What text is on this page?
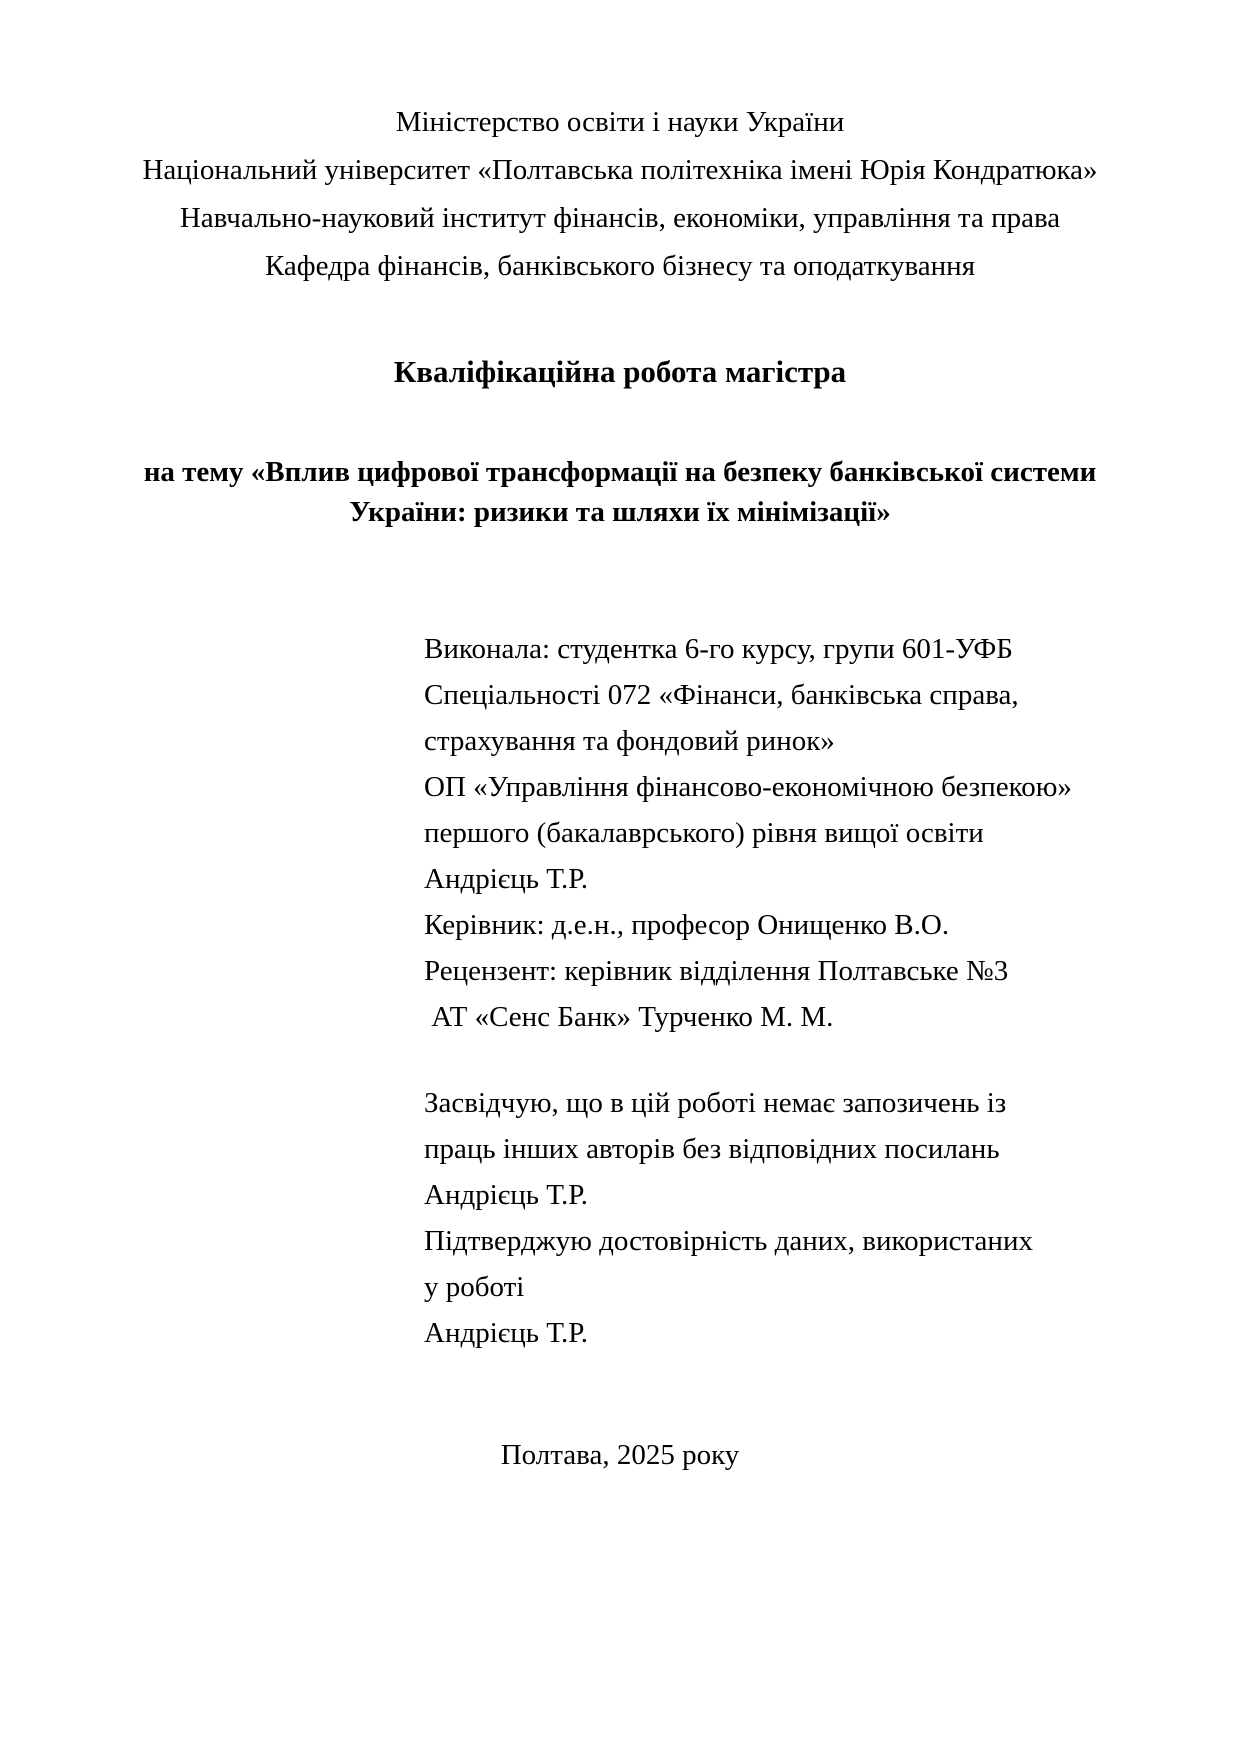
Міністерство освіти і науки України
Національний університет «Полтавська політехніка імені Юрія Кондратюка»
Навчально-науковий інститут фінансів, економіки, управління та права
Кафедра фінансів, банківського бізнесу та оподаткування
Кваліфікаційна робота магістра
на тему «Вплив цифрової трансформації на безпеку банківської системи
України: ризики та шляхи їх мінімізації»
Виконала: студентка 6-го курсу, групи 601-УФБ
Спеціальності 072 «Фінанси, банківська справа,
страхування та фондовий ринок»
ОП «Управління фінансово-економічною безпекою»
першого (бакалаврського) рівня вищої освіти
Андрієць Т.Р.
Керівник: д.е.н., професор Онищенко В.О.
Рецензент: керівник відділення Полтавське №3
АТ «Сенс Банк» Турченко М. М.
Засвідчую, що в цій роботі немає запозичень із
праць інших авторів без відповідних посилань
Андрієць Т.Р.
Підтверджую достовірність даних, використаних
у роботі
Андрієць Т.Р.
Полтава, 2025 року
